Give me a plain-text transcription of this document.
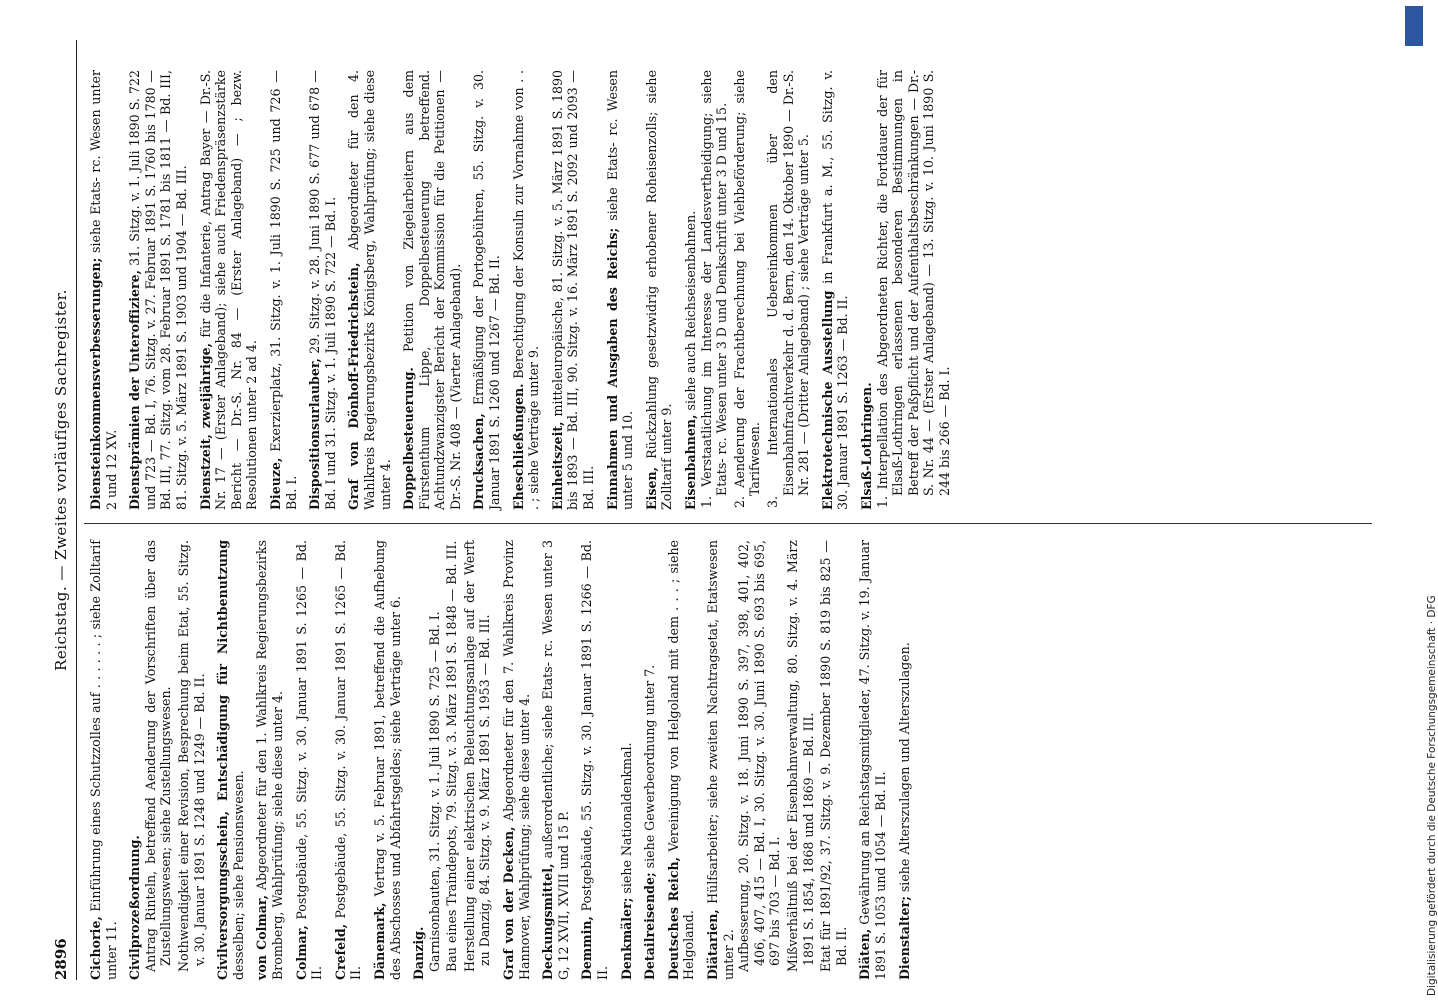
2896
Reichstag. — Zweites vorläufiges Sachregister.
Cichorie, Einführung eines Schutzzolles auf . . . . . . ; siehe Zolltarif unter 11. Civilprozeßordnung. Antrag Rinteln, betreffend Aenderung der Vorschriften über das Zustellungswesen; siehe Zustellungswesen. Nothwendigkeit einer Revision, Besprechung beim Etat, 55. Sitzg. v. 30. Januar 1891 S. 1248 und 1249 — Bd. II. Civilversorgungsschein, Entschädigung für Nichtbenutzung desselben; siehe Pensionswesen. von Colmar, Abgeordneter für den 1. Wahlkreis Regierungsbezirks Bromberg, Wahlprüfung; siehe diese unter 4. Colmar, Postgebäude, 55. Sitzg. v. 30. Januar 1891 S. 1265 — Bd. II. Crefeld, Postgebäude, 55. Sitzg. v. 30. Januar 1891 S. 1265 — Bd. II. Dänemark, Vertrag v. 5. Februar 1891, betreffend die Aufhebung des Abschosses und Abfahrtsgeldes; siehe Verträge unter 6. Danzig. Garnisonbauten, 31. Sitzg. v. 1. Juli 1890 S. 725 — Bd. I. Bau eines Traindepots, 79. Sitzg. v. 3. März 1891 S. 1848 — Bd. III. Herstellung einer elektrischen Beleuchtungsanlage auf der Werft zu Danzig, 84. Sitzg. v. 9. März 1891 S. 1953 — Bd. III. Graf von der Decken, Abgeordneter für den 7. Wahlkreis Provinz Hannover, Wahlprüfung; siehe diese unter 4. Deckungsmittel, außerordentliche; siehe Etats- rc. Wesen unter 3 G, 12 XVII, XVIII und 15 P. Demmin, Postgebäude, 55. Sitzg. v. 30. Januar 1891 S. 1266 — Bd. II. Denkmäler; siehe Nationaldenkmal.
Detailreisende; siehe Gewerbeordnung unter 7.
Deutsches Reich, Vereinigung von Helgoland mit dem . . . ; siehe Helgoland. Diätarien, Hülfsarbeiter; siehe zweiten Nachtragsetat, Etatswesen unter 2. Aufbesserung, 20. Sitzg. v. 18. Juni 1890 S. 397, 398, 401, 402, 406, 407, 415 — Bd. I, 30. Sitzg. v. 30. Juni 1890 S. 693 bis 695, 697 bis 703 — Bd. I. Mißverhältniß bei der Eisenbahnverwaltung, 80. Sitzg. v. 4. März 1891 S. 1854, 1868 und 1869 — Bd. III. Etat für 1891/92, 37. Sitzg. v. 9. Dezember 1890 S. 819 bis 825 — Bd. II. Diäten, Gewährung an Reichstagsmitglieder, 47. Sitzg. v. 19. Januar 1891 S. 1053 und 1054 — Bd. II. Dienstalter; siehe Alterszulagen und Alterszulagen.
Diensteinkommensverbesserungen; siehe Etats- rc. Wesen unter 2 und 12 XV. Dienstprämien der Unteroffiziere, 31. Sitzg. v. 1. Juli 1890 S. 722 und 723 — Bd. I, 76. Sitzg. v. 27. Februar 1891 S. 1760 bis 1780 — Bd. III, 77. Sitzg. vom 28. Februar 1891 S. 1781 bis 1811 — Bd. III, 81. Sitzg. v. 5. März 1891 S. 1903 und 1904 — Bd. III. Dienstzeit, zweijährige, für die Infanterie, Antrag Bayer — Dr.-S. Nr. 17 — (Erster Anlageband); siehe auch Friedenspräsenzstärke Bericht — Dr.-S. Nr. 84 — (Erster Anlageband) — ; bezw. Resolutionen unter 2 ad 4. Dieuze, Exerzierplatz, 31. Sitzg. v. 1. Juli 1890 S. 725 und 726 — Bd. I. Dispositionsurlauber, 29. Sitzg. v. 28. Juni 1890 S. 677 und 678 — Bd. I und 31. Sitzg. v. 1. Juli 1890 S. 722 — Bd. I. Graf von Dönhoff-Friedrichstein, Abgeordneter für den 4. Wahlkreis Regierungsbezirks Königsberg, Wahlprüfung; siehe diese unter 4. Doppelbesteuerung. Petition von Ziegelarbeitern aus dem Fürstenthum Lippe, Doppelbesteuerung betreffend. Achtundzwanzigster Bericht der Kommission für die Petitionen — Dr.-S. Nr. 408 — (Vierter Anlageband). Drucksachen, Ermäßigung der Portogebühren, 55. Sitzg. v. 30. Januar 1891 S. 1260 und 1267 — Bd. II. Eheschließungen. Berechtigung der Konsuln zur Vornahme von . . . ; siehe Verträge unter 9. Einheitszeit, mitteleuropäische, 81. Sitzg. v. 5. März 1891 S. 1890 bis 1893 — Bd. III, 90. Sitzg. v. 16. März 1891 S. 2092 und 2093 — Bd. III. Einnahmen und Ausgaben des Reichs; siehe Etats- rc. Wesen unter 5 und 10. Eisen, Rückzahlung gesetzwidrig erhobener Roheisenzolls; siehe Zolltarif unter 9. Eisenbahnen, siehe auch Reichseisenbahnen. 1. Verstaatlichung im Interesse der Landesvertheidigung; siehe Etats- rc. Wesen unter 3 D und Denkschrift unter 3 D und 15. 2. Aenderung der Frachtberechnung bei Viehbeförderung; siehe Tarifwesen. 3. Internationales Uebereinkommen über den Eisenbahnfrachtverkehr d. d. Bern, den 14. Oktober 1890 — Dr.-S. Nr. 281 — (Dritter Anlageband) ; siehe Verträge unter 5. Elektrotechnische Ausstellung in Frankfurt a. M., 55. Sitzg. v. 30. Januar 1891 S. 1263 — Bd. II. Elsaß-Lothringen. 1. Interpellation des Abgeordneten Richter, die Fortdauer der für Elsaß-Lothringen erlassenen besonderen Bestimmungen in Betreff der Paßpflicht und der Aufenthaltsbeschränkungen — Dr.-S. Nr. 44 — (Erster Anlageband) — 13. Sitzg. v. 10. Juni 1890 S. 244 bis 266 — Bd. I.
Digitalisierung gefördert durch die Deutsche Forschungsgemeinschaft · DFG
